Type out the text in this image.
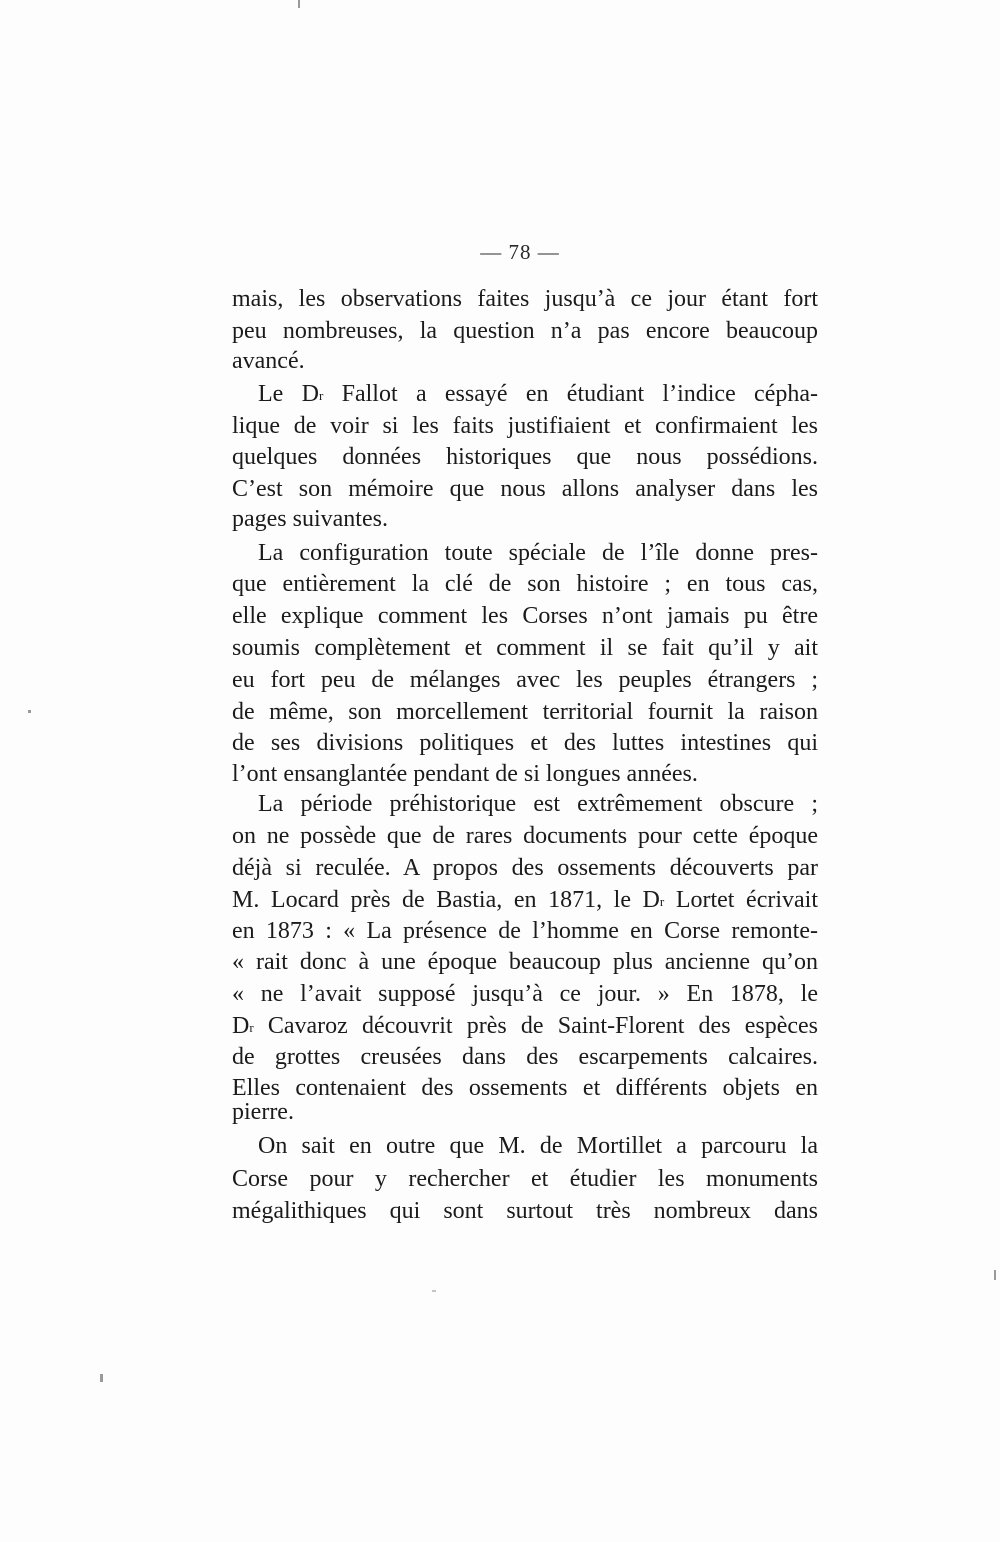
— 78 —
mais, les observations faites jusqu’à ce jour étant fort
peu nombreuses, la question n’a pas encore beaucoup
avancé.
Le $D^r$ Fallot a essayé en étudiant l’indice cépha-
lique de voir si les faits justifiaient et confirmaient les
quelques données historiques que nous possédions.
C’est son mémoire que nous allons analyser dans les
pages suivantes.
La configuration toute spéciale de l’île donne pres-
que entièrement la clé de son histoire ; en tous cas,
elle explique comment les Corses n’ont jamais pu être
soumis complètement et comment il se fait qu’il y ait
eu fort peu de mélanges avec les peuples étrangers ;
de même, son morcellement territorial fournit la raison
de ses divisions politiques et des luttes intestines qui
l’ont ensanglantée pendant de si longues années.
La période préhistorique est extrêmement obscure ;
on ne possède que de rares documents pour cette époque
déjà si reculée. A propos des ossements découverts par
M. Locard près de Bastia, en 1871, le $D^r$ Lortet écrivait
en 1873 : « La présence de l’homme en Corse remonte-
« rait donc à une époque beaucoup plus ancienne qu’on
« ne l’avait supposé jusqu’à ce jour. » En 1878, le
$D^r$ Cavaroz découvrit près de Saint-Florent des espèces
de grottes creusées dans des escarpements calcaires.
Elles contenaient des ossements et différents objets en
pierre.
On sait en outre que M. de Mortillet a parcouru la
Corse pour y rechercher et étudier les monuments
mégalithiques qui sont surtout très nombreux dans
